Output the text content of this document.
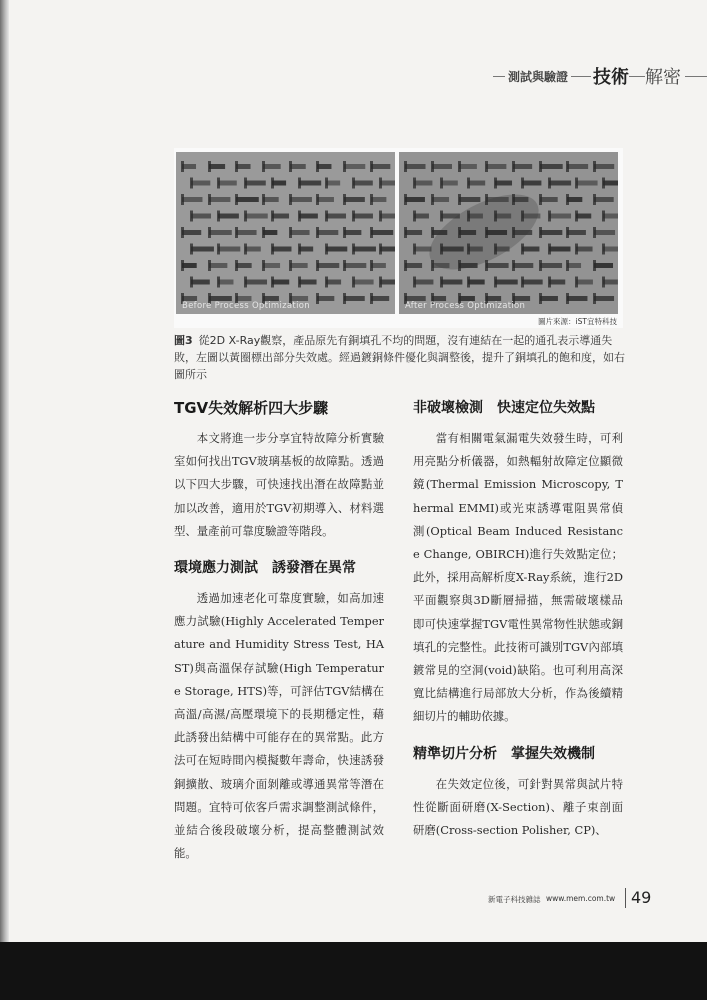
測試與驗證 技術 解密
Before Process Optimization	After Process Optimization
圖片來源：iST宜特科技
圖3 從2D X-Ray觀察，產品原先有銅填孔不均的問題，沒有連結在一起的通孔表示導通失敗，左圖以黃圈標出部分失效處。經過鍍銅條件優化與調整後，提升了銅填孔的飽和度，如右圖所示
TGV失效解析四大步驟

本文將進一步分享宜特故障分析實驗室如何找出TGV玻璃基板的故障點。透過以下四大步驟，可快速找出潛在故障點並加以改善，適用於TGV初期導入、材料選型、量產前可靠度驗證等階段。

環境應力測試　誘發潛在異常

透過加速老化可靠度實驗，如高加速應力試驗(Highly Accelerated Temperature and Humidity Stress Test, HAST)與高溫保存試驗(High Temperature Storage, HTS)等，可評估TGV結構在高溫/高濕/高壓環境下的長期穩定性，藉此誘發出結構中可能存在的異常點。此方法可在短時間內模擬數年壽命，快速誘發銅擴散、玻璃介面剝離或導通異常等潛在問題。宜特可依客戶需求調整測試條件，並結合後段破壞分析，提高整體測試效能。

非破壞檢測　快速定位失效點

當有相關電氣漏電失效發生時，可利用亮點分析儀器，如熱輻射故障定位顯微鏡(Thermal Emission Microscopy, Thermal EMMI)或光束誘導電阻異常偵測(Optical Beam Induced Resistance Change, OBIRCH)進行失效點定位；此外，採用高解析度X-Ray系統，進行2D平面觀察與3D斷層掃描，無需破壞樣品即可快速掌握TGV電性異常物性狀態或銅填孔的完整性。此技術可識別TGV內部填鍍常見的空洞(void)缺陷。也可利用高深寬比結構進行局部放大分析，作為後續精細切片的輔助依據。

精準切片分析　掌握失效機制

在失效定位後，可針對異常與試片特性從斷面研磨(X-Section)、離子束剖面研磨(Cross-section Polisher, CP)、

新電子科技雜誌 www.mem.com.tw 49
